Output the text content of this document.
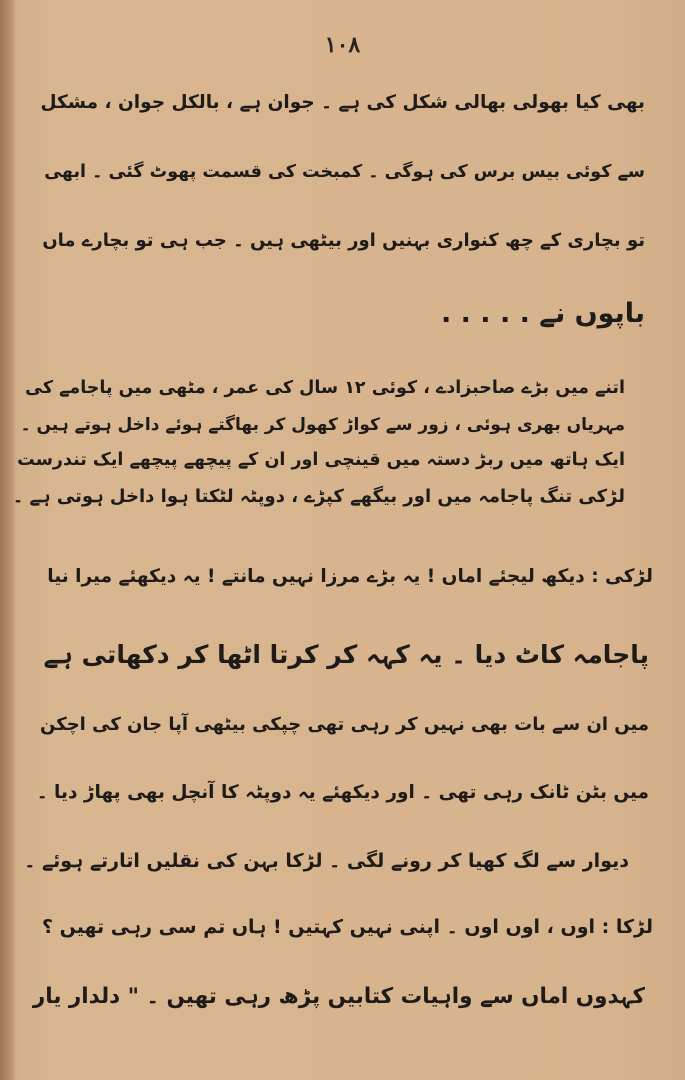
۱۰۸
بھی کیا بھولی بھالی شکل کی ہے ۔ جوان ہے ، بالکل جوان ، مشکل
سے کوئی بیس برس کی ہوگی ۔ کمبخت کی قسمت پھوٹ گئی ۔ ابھی
تو بچاری کے چھ کنواری بہنیں اور بیٹھی ہیں ۔ جب ہی تو بچارے ماں
باپوں نے . . . . .
اتنے میں بڑے صاحبزادے ، کوئی ۱۲ سال کی عمر ، مٹھی میں پاجامے کی
مہریاں بھری ہوئی ، زور سے کواڑ کھول کر بھاگتے ہوئے داخل ہوتے ہیں ۔
ایک ہاتھ میں ربڑ دستہ میں قینچی اور ان کے پیچھے پیچھے ایک تندرست
لڑکی تنگ پاجامہ میں اور بیگھے کپڑے ، دوپٹہ لٹکتا ہوا داخل ہوتی ہے ۔
لڑکی : دیکھ لیجئے اماں ! یہ بڑے مرزا نہیں مانتے ! یہ دیکھئے میرا نیا
پاجامہ کاٹ دیا ۔ یہ کہہ کر کرتا اٹھا کر دکھاتی ہے
میں ان سے بات بھی نہیں کر رہی تھی چپکی بیٹھی آپا جان کی اچکن
میں بٹن ٹانک رہی تھی ۔ اور دیکھئے یہ دوپٹہ کا آنچل بھی پھاڑ دیا ۔
دیوار سے لگ کھیا کر رونے لگی ۔ لڑکا بہن کی نقلیں اتارتے ہوئے ۔
لڑکا : اوں ، اوں اوں ۔ اپنی نہیں کہتیں ! ہاں تم سی رہی تھیں ؟
کہدوں اماں سے واہیات کتابیں پڑھ رہی تھیں ۔ " دلدار یار
